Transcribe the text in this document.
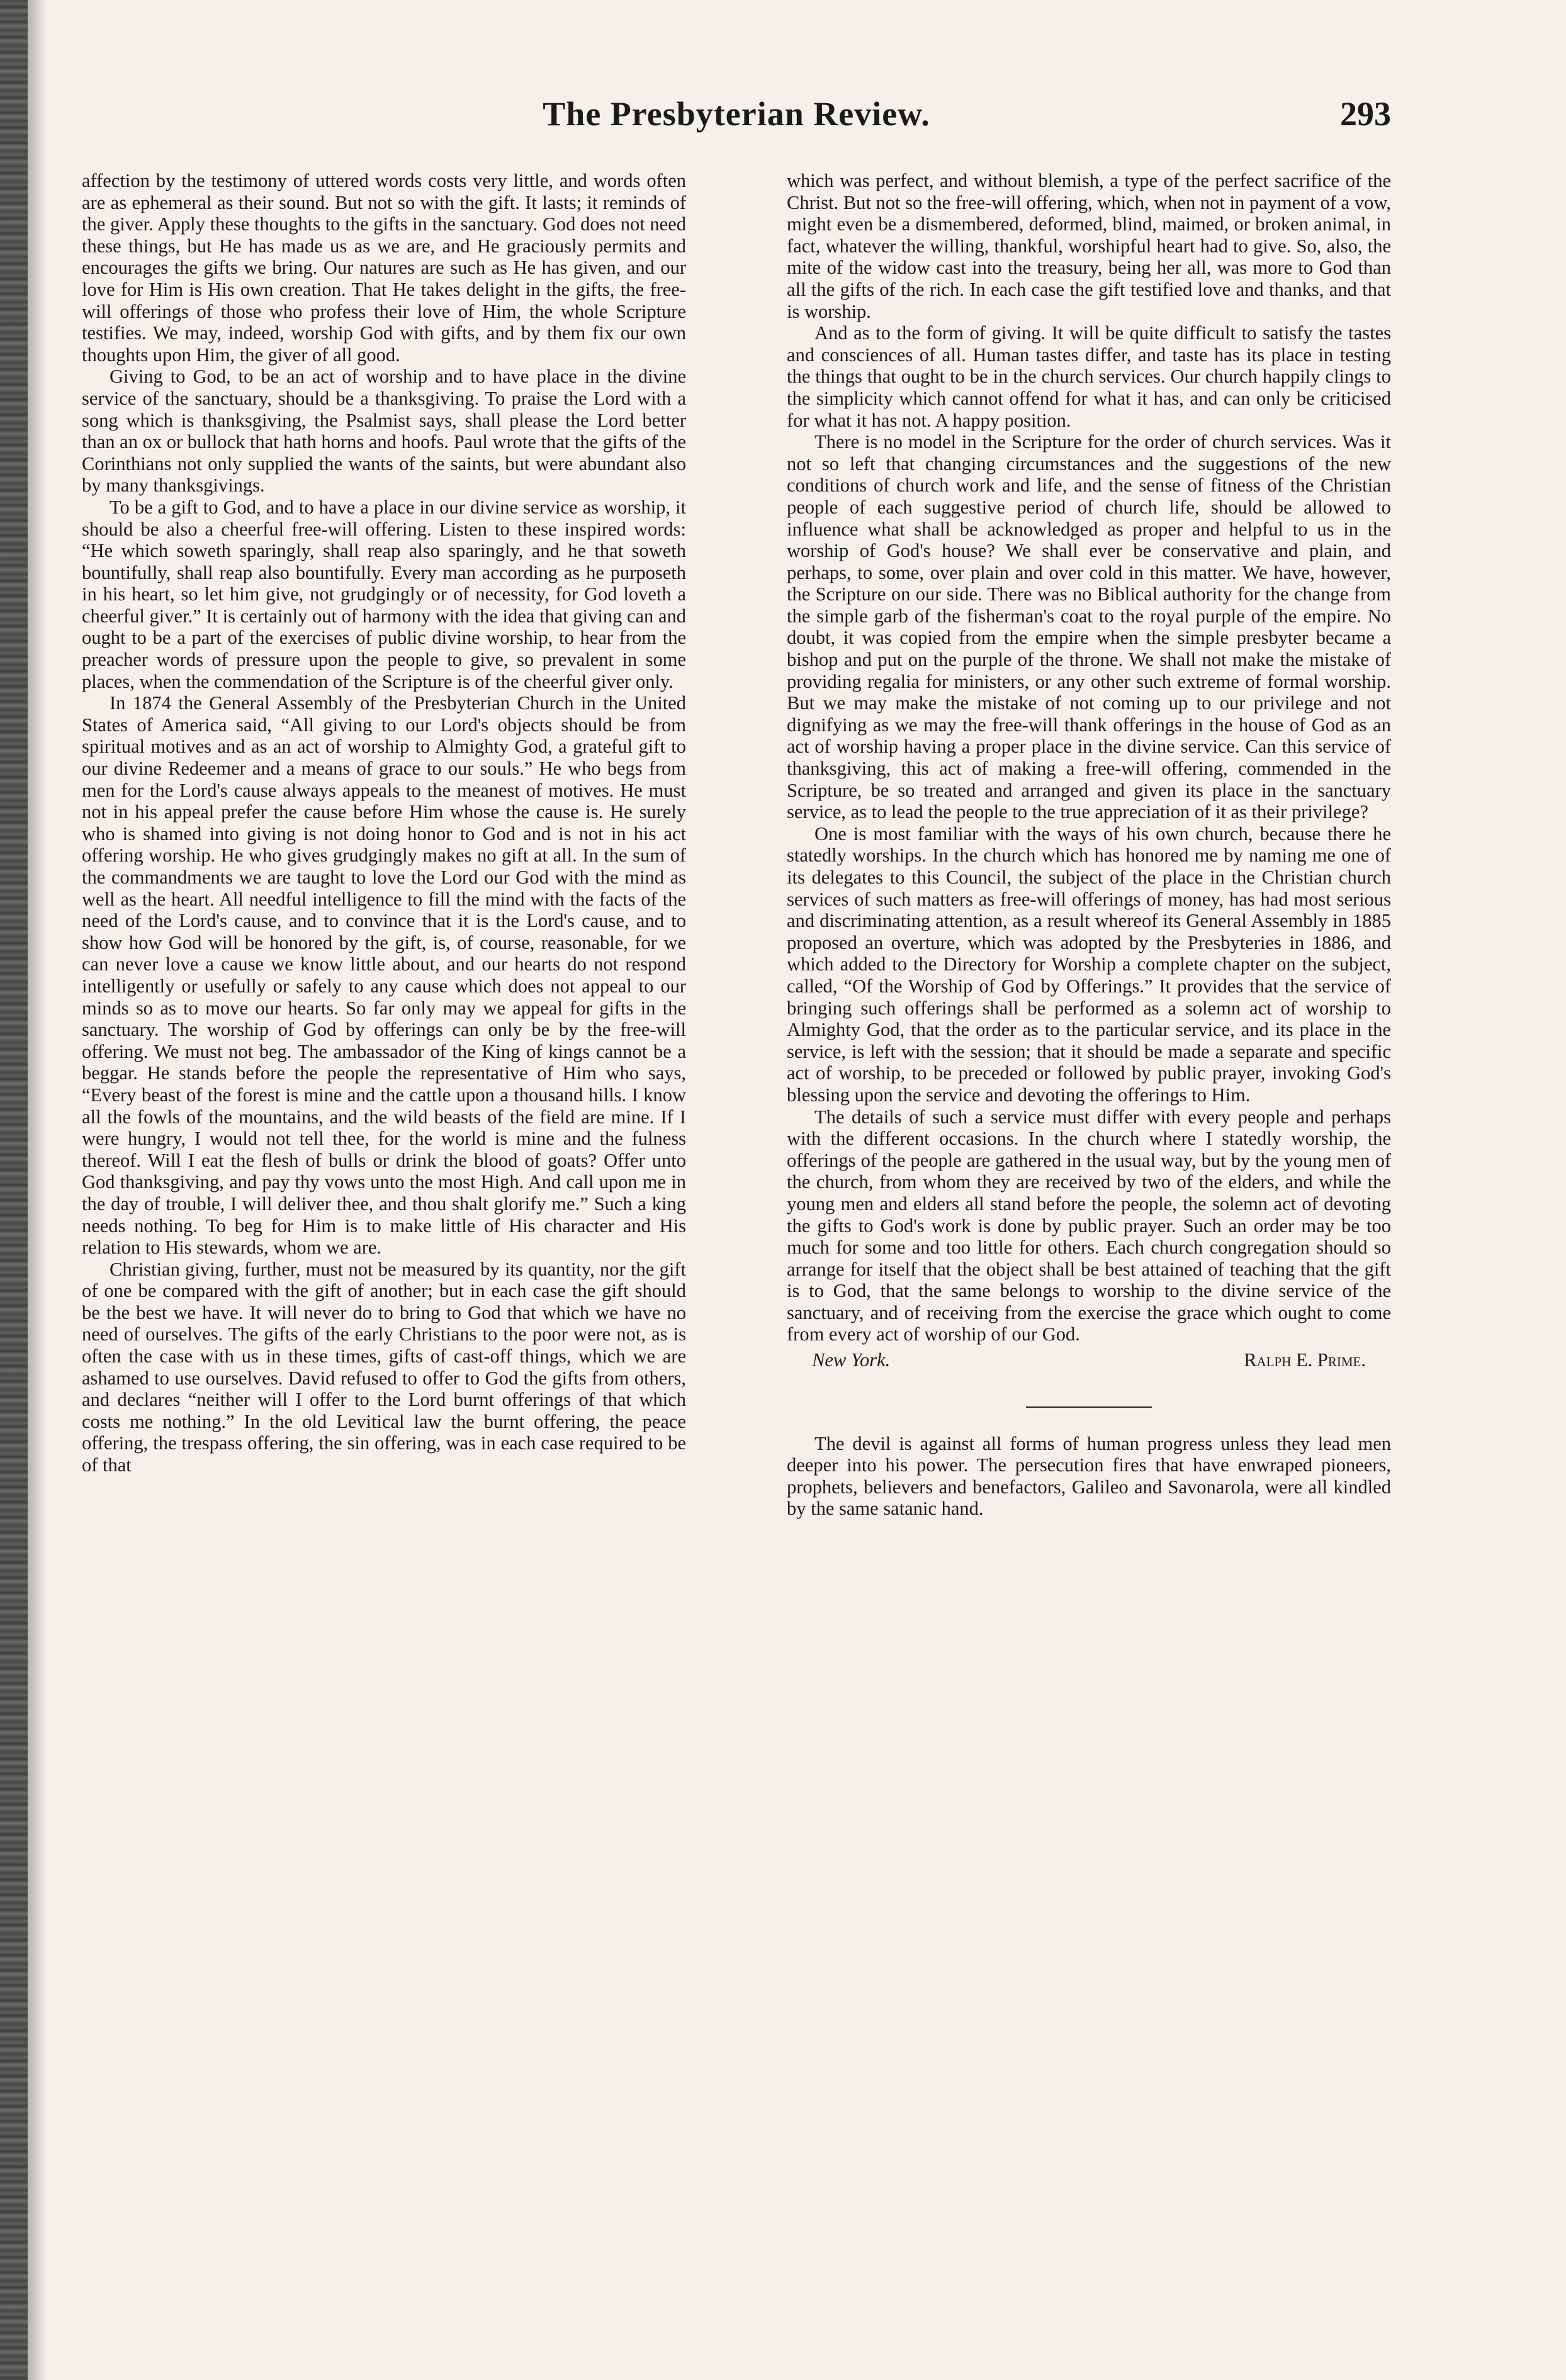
The Presbyterian Review.	293

affection by the testimony of uttered words costs very little, and words often are as ephemeral as their sound. But not so with the gift. It lasts; it reminds of the giver. Apply these thoughts to the gifts in the sanctuary. God does not need these things, but He has made us as we are, and He graciously permits and encourages the gifts we bring. Our natures are such as He has given, and our love for Him is His own creation. That He takes delight in the gifts, the free-will offerings of those who profess their love of Him, the whole Scripture testifies. We may, indeed, worship God with gifts, and by them fix our own thoughts upon Him, the giver of all good.

Giving to God, to be an act of worship and to have place in the divine service of the sanctuary, should be a thanksgiving. To praise the Lord with a song which is thanksgiving, the Psalmist says, shall please the Lord better than an ox or bullock that hath horns and hoofs. Paul wrote that the gifts of the Corinthians not only supplied the wants of the saints, but were abundant also by many thanksgivings.

To be a gift to God, and to have a place in our divine service as worship, it should be also a cheerful free-will offering. Listen to these inspired words: “He which soweth sparingly, shall reap also sparingly, and he that soweth bountifully, shall reap also bountifully. Every man according as he purposeth in his heart, so let him give, not grudgingly or of necessity, for God loveth a cheerful giver.” It is certainly out of harmony with the idea that giving can and ought to be a part of the exercises of public divine worship, to hear from the preacher words of pressure upon the people to give, so prevalent in some places, when the commendation of the Scripture is of the cheerful giver only.

In 1874 the General Assembly of the Presbyterian Church in the United States of America said, “All giving to our Lord's objects should be from spiritual motives and as an act of worship to Almighty God, a grateful gift to our divine Redeemer and a means of grace to our souls.” He who begs from men for the Lord's cause always appeals to the meanest of motives. He must not in his appeal prefer the cause before Him whose the cause is. He surely who is shamed into giving is not doing honor to God and is not in his act offering worship. He who gives grudgingly makes no gift at all. In the sum of the commandments we are taught to love the Lord our God with the mind as well as the heart. All needful intelligence to fill the mind with the facts of the need of the Lord's cause, and to convince that it is the Lord's cause, and to show how God will be honored by the gift, is, of course, reasonable, for we can never love a cause we know little about, and our hearts do not respond intelligently or usefully or safely to any cause which does not appeal to our minds so as to move our hearts. So far only may we appeal for gifts in the sanctuary. The worship of God by offerings can only be by the free-will offering. We must not beg. The ambassador of the King of kings cannot be a beggar. He stands before the people the representative of Him who says, “Every beast of the forest is mine and the cattle upon a thousand hills. I know all the fowls of the mountains, and the wild beasts of the field are mine. If I were hungry, I would not tell thee, for the world is mine and the fulness thereof. Will I eat the flesh of bulls or drink the blood of goats? Offer unto God thanksgiving, and pay thy vows unto the most High. And call upon me in the day of trouble, I will deliver thee, and thou shalt glorify me.” Such a king needs nothing. To beg for Him is to make little of His character and His relation to His stewards, whom we are.

Christian giving, further, must not be measured by its quantity, nor the gift of one be compared with the gift of another; but in each case the gift should be the best we have. It will never do to bring to God that which we have no need of ourselves. The gifts of the early Christians to the poor were not, as is often the case with us in these times, gifts of cast-off things, which we are ashamed to use ourselves. David refused to offer to God the gifts from others, and declares “neither will I offer to the Lord burnt offerings of that which costs me nothing.” In the old Levitical law the burnt offering, the peace offering, the trespass offering, the sin offering, was in each case required to be of that

which was perfect, and without blemish, a type of the perfect sacrifice of the Christ. But not so the free-will offering, which, when not in payment of a vow, might even be a dismembered, deformed, blind, maimed, or broken animal, in fact, whatever the willing, thankful, worshipful heart had to give. So, also, the mite of the widow cast into the treasury, being her all, was more to God than all the gifts of the rich. In each case the gift testified love and thanks, and that is worship.

And as to the form of giving. It will be quite difficult to satisfy the tastes and consciences of all. Human tastes differ, and taste has its place in testing the things that ought to be in the church services. Our church happily clings to the simplicity which cannot offend for what it has, and can only be criticised for what it has not. A happy position.

There is no model in the Scripture for the order of church services. Was it not so left that changing circumstances and the suggestions of the new conditions of church work and life, and the sense of fitness of the Christian people of each suggestive period of church life, should be allowed to influence what shall be acknowledged as proper and helpful to us in the worship of God's house? We shall ever be conservative and plain, and perhaps, to some, over plain and over cold in this matter. We have, however, the Scripture on our side. There was no Biblical authority for the change from the simple garb of the fisherman's coat to the royal purple of the empire. No doubt, it was copied from the empire when the simple presbyter became a bishop and put on the purple of the throne. We shall not make the mistake of providing regalia for ministers, or any other such extreme of formal worship. But we may make the mistake of not coming up to our privilege and not dignifying as we may the free-will thank offerings in the house of God as an act of worship having a proper place in the divine service. Can this service of thanksgiving, this act of making a free-will offering, commended in the Scripture, be so treated and arranged and given its place in the sanctuary service, as to lead the people to the true appreciation of it as their privilege?

One is most familiar with the ways of his own church, because there he statedly worships. In the church which has honored me by naming me one of its delegates to this Council, the subject of the place in the Christian church services of such matters as free-will offerings of money, has had most serious and discriminating attention, as a result whereof its General Assembly in 1885 proposed an overture, which was adopted by the Presbyteries in 1886, and which added to the Directory for Worship a complete chapter on the subject, called, “Of the Worship of God by Offerings.” It provides that the service of bringing such offerings shall be performed as a solemn act of worship to Almighty God, that the order as to the particular service, and its place in the service, is left with the session; that it should be made a separate and specific act of worship, to be preceded or followed by public prayer, invoking God's blessing upon the service and devoting the offerings to Him.

The details of such a service must differ with every people and perhaps with the different occasions. In the church where I statedly worship, the offerings of the people are gathered in the usual way, but by the young men of the church, from whom they are received by two of the elders, and while the young men and elders all stand before the people, the solemn act of devoting the gifts to God's work is done by public prayer. Such an order may be too much for some and too little for others. Each church congregation should so arrange for itself that the object shall be best attained of teaching that the gift is to God, that the same belongs to worship to the divine service of the sanctuary, and of receiving from the exercise the grace which ought to come from every act of worship of our God.

New York.	Ralph E. Prime.

The devil is against all forms of human progress unless they lead men deeper into his power. The persecution fires that have enwraped pioneers, prophets, believers and benefactors, Galileo and Savonarola, were all kindled by the same satanic hand.
